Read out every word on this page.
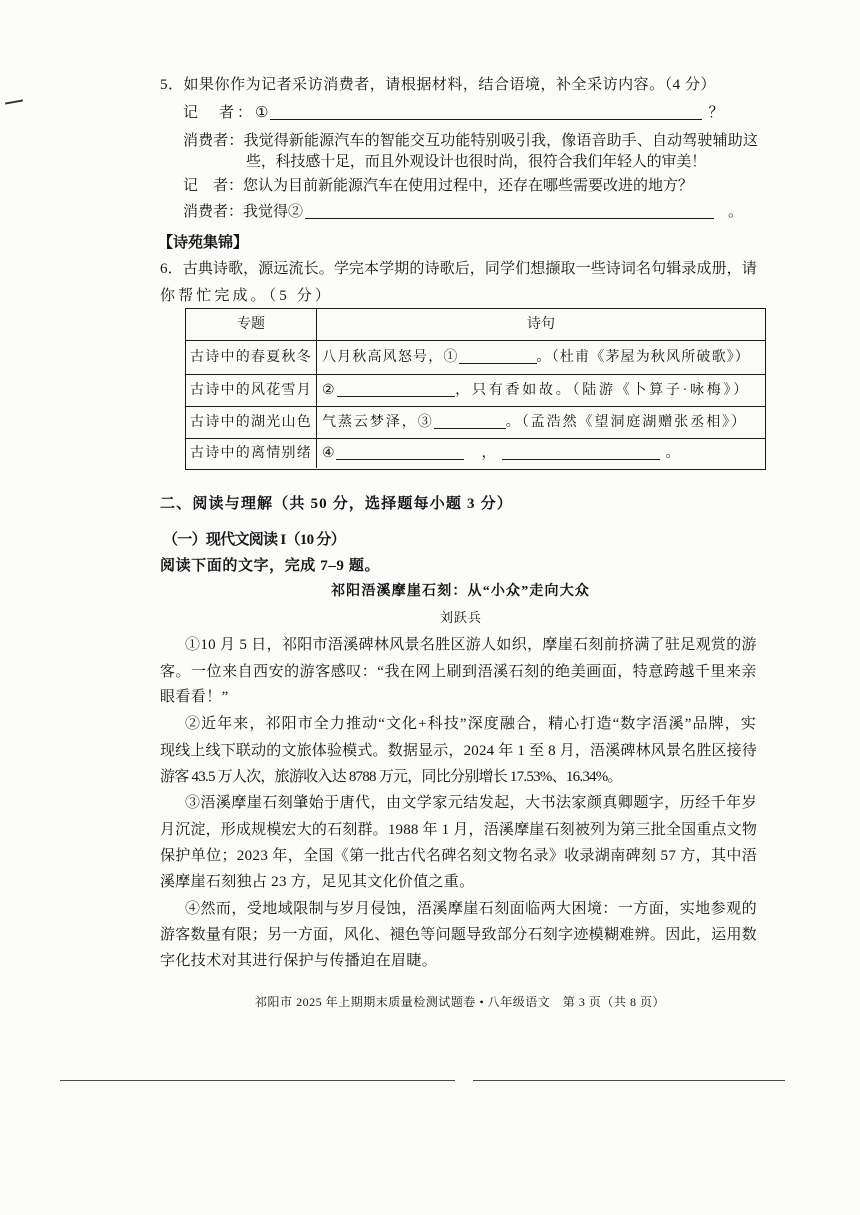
5．如果你作为记者采访消费者，请根据材料，结合语境，补全采访内容。（4 分）
记　者：①	？
消费者：我觉得新能源汽车的智能交互功能特别吸引我，像语音助手、自动驾驶辅助这
些，科技感十足，而且外观设计也很时尚，很符合我们年轻人的审美！
记　者：您认为目前新能源汽车在使用过程中，还存在哪些需要改进的地方？
消费者：我觉得②	。
【诗苑集锦】
6．古典诗歌，源远流长。学完本学期的诗歌后，同学们想撷取一些诗词名句辑录成册，请
你帮忙完成。（5 分）
专题	诗句
古诗中的春夏秋冬 八月秋高风怒号，①	。（杜甫《茅屋为秋风所破歌》）
古诗中的风花雪月 ②	，只有香如故。（陆游《卜算子·咏梅》）
古诗中的湖光山色 气蒸云梦泽，③	。（孟浩然《望洞庭湖赠张丞相》）
古诗中的离情别绪 ④	，	。
二、阅读与理解（共 50 分，选择题每小题 3 分）
（一）现代文阅读 I（10 分）
阅读下面的文字，完成 7–9 题。
祁阳浯溪摩崖石刻：从“小众”走向大众
刘跃兵
①10 月 5 日，祁阳市浯溪碑林风景名胜区游人如织，摩崖石刻前挤满了驻足观赏的游
客。一位来自西安的游客感叹：“我在网上刷到浯溪石刻的绝美画面，特意跨越千里来亲
眼看看！”
②近年来，祁阳市全力推动“文化+科技”深度融合，精心打造“数字浯溪”品牌，实
现线上线下联动的文旅体验模式。数据显示，2024 年 1 至 8 月，浯溪碑林风景名胜区接待
游客 43.5 万人次，旅游收入达 8788 万元，同比分别增长 17.53%、16.34%。
③浯溪摩崖石刻肇始于唐代，由文学家元结发起，大书法家颜真卿题字，历经千年岁
月沉淀，形成规模宏大的石刻群。1988 年 1 月，浯溪摩崖石刻被列为第三批全国重点文物
保护单位；2023 年，全国《第一批古代名碑名刻文物名录》收录湖南碑刻 57 方，其中浯
溪摩崖石刻独占 23 方，足见其文化价值之重。
④然而，受地域限制与岁月侵蚀，浯溪摩崖石刻面临两大困境：一方面，实地参观的
游客数量有限；另一方面，风化、褪色等问题导致部分石刻字迹模糊难辨。因此，运用数
字化技术对其进行保护与传播迫在眉睫。
祁阳市 2025 年上期期末质量检测试题卷 • 八年级语文　第 3 页（共 8 页）
